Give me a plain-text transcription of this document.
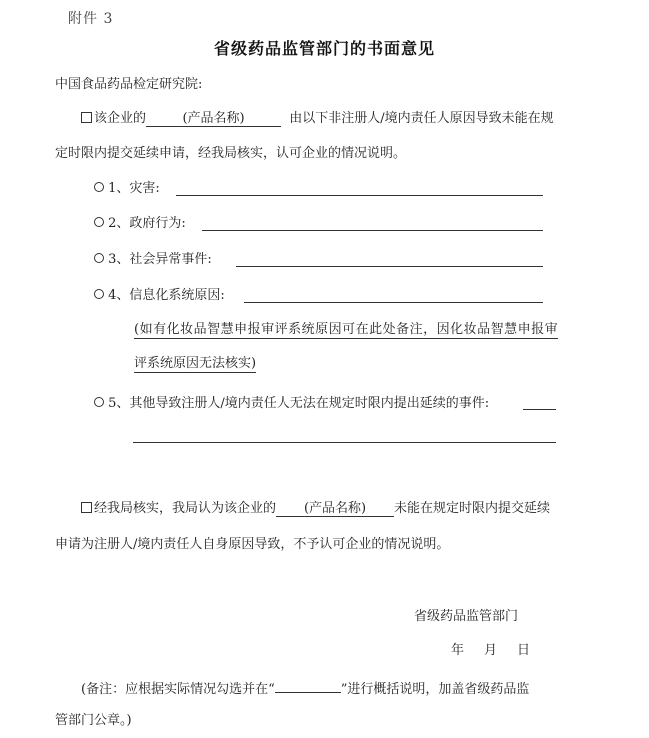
附件 3
省级药品监管部门的书面意见
中国食品药品检定研究院:
该企业的	(产品名称)	由以下非注册人/境内责任人原因导致未能在规
定时限内提交延续申请，经我局核实，认可企业的情况说明。
1、灾害:
2、政府行为:
3、社会异常事件:
4、信息化系统原因:
(如有化妆品智慧申报审评系统原因可在此处备注，因化妆品智慧申报审
评系统原因无法核实)
5、其他导致注册人/境内责任人无法在规定时限内提出延续的事件:
经我局核实，我局认为该企业的 (产品名称) 未能在规定时限内提交延续
申请为注册人/境内责任人自身原因导致，不予认可企业的情况说明。
省级药品监管部门
年 月 日
(备注：应根据实际情况勾选并在“	”进行概括说明，加盖省级药品监
管部门公章。)
